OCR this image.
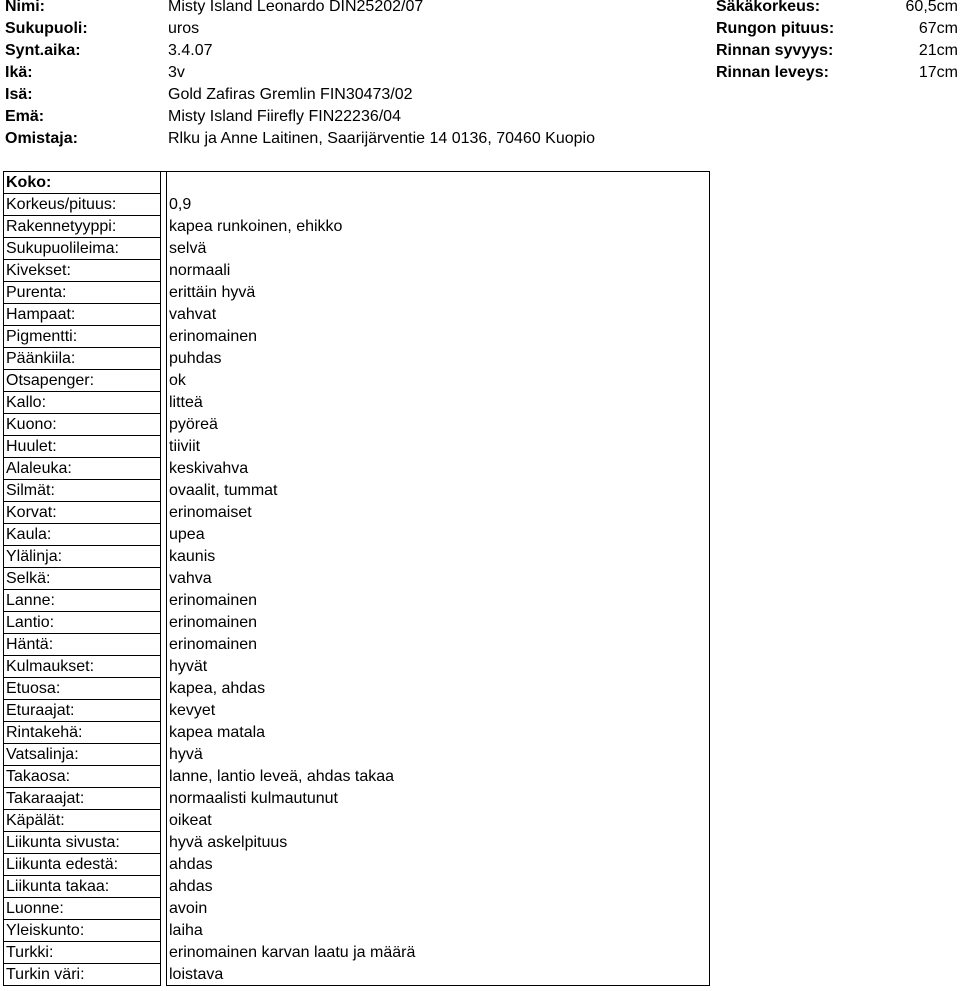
Nimi:	Misty Island Leonardo DIN25202/07	Säkäkorkeus:	60,5cm
Sukupuoli:	uros	Rungon pituus:	67cm
Synt.aika:	3.4.07	Rinnan syvyys:	21cm
Ikä:	3v	Rinnan leveys:	17cm
Isä:	Gold Zafiras Gremlin FIN30473/02
Emä:	Misty Island Fiirefly FIN22236/04
Omistaja:	Rlku ja Anne Laitinen, Saarijärventie 14 0136, 70460 Kuopio
Koko:
Korkeus/pituus:	0,9
Rakennetyyppi:	kapea runkoinen, ehikko
Sukupuolileima:	selvä
Kivekset:	normaali
Purenta:	erittäin hyvä
Hampaat:	vahvat
Pigmentti:	erinomainen
Päänkiila:	puhdas
Otsapenger:	ok
Kallo:	litteä
Kuono:	pyöreä
Huulet:	tiiviit
Alaleuka:	keskivahva
Silmät:	ovaalit, tummat
Korvat:	erinomaiset
Kaula:	upea
Ylälinja:	kaunis
Selkä:	vahva
Lanne:	erinomainen
Lantio:	erinomainen
Häntä:	erinomainen
Kulmaukset:	hyvät
Etuosa:	kapea, ahdas
Eturaajat:	kevyet
Rintakehä:	kapea matala
Vatsalinja:	hyvä
Takaosa:	lanne, lantio leveä, ahdas takaa
Takaraajat:	normaalisti kulmautunut
Käpälät:	oikeat
Liikunta sivusta:	hyvä askelpituus
Liikunta edestä:	ahdas
Liikunta takaa:	ahdas
Luonne:	avoin
Yleiskunto:	laiha
Turkki:	erinomainen karvan laatu ja määrä
Turkin väri:	loistava
